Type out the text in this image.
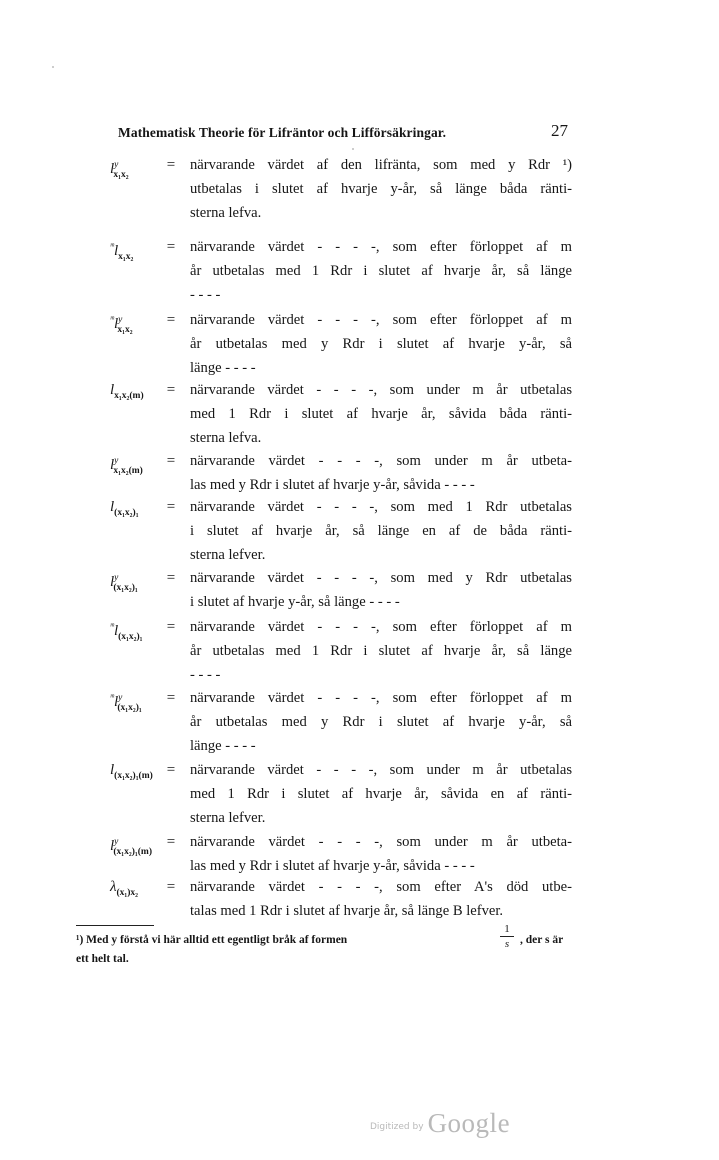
Mathematisk Theorie för Lifräntor och Lifförsäkringar.	27
$l^y_{x_1x_2}$
=	närvarande värdet af den lifränta, som med y Rdr ¹)
utbetalas i slutet af hvarje y-år, så länge båda ränti-
sterna lefva.
$^ᵐl_{x_1x_2}$
=	närvarande värdet - - - -, som efter förloppet af m
år utbetalas med 1 Rdr i slutet af hvarje år, så länge
- - - -
$^ᵐl^y_{x_1x_2}$
=	närvarande värdet - - - -, som efter förloppet af m
år utbetalas med y Rdr i slutet af hvarje y-år, så
länge - - - -
$l_{x_1x_2(m)}$	=	närvarande värdet - - - -, som under m år utbetalas
med 1 Rdr i slutet af hvarje år, såvida båda ränti-
sterna lefva.
$l^y_{x_1x_2(m)}$
=	närvarande värdet - - - -, som under m år utbeta-
las med y Rdr i slutet af hvarje y-år, såvida - - - -
$l_{(x_1x_2)_1}$	=	närvarande värdet - - - -, som med 1 Rdr utbetalas
i slutet af hvarje år, så länge en af de båda ränti-
sterna lefver.
$l^y_{(x_1x_2)_1}$
=	närvarande värdet - - - -, som med y Rdr utbetalas
i slutet af hvarje y-år, så länge - - - -
$^ᵐl_{(x_1x_2)_1}$
=	närvarande värdet - - - -, som efter förloppet af m
år utbetalas med 1 Rdr i slutet af hvarje år, så länge
- - - -
$^ᵐl^y_{(x_1x_2)_1}$
=	närvarande värdet - - - -, som efter förloppet af m
år utbetalas med y Rdr i slutet af hvarje y-år, så
länge - - - -
$l_{(x_1x_2)_1(m)}$ =	närvarande värdet - - - -, som under m år utbetalas
med 1 Rdr i slutet af hvarje år, såvida en af ränti-
sterna lefver.
$l^y_{(x_1x_2)_1(m)}$
=	närvarande värdet - - - -, som under m år utbeta-
las med y Rdr i slutet af hvarje y-år, såvida - - - -
$\lambda_{(x_1)x_2}$	=	närvarande värdet - - - -, som efter A's död utbe-
talas med 1 Rdr i slutet af hvarje år, så länge B lefver.
¹) Med y förstå vi här alltid ett egentligt bråk af formen	$\frac{1}{s}$ , der s är
ett helt tal.
Digitized by Google
